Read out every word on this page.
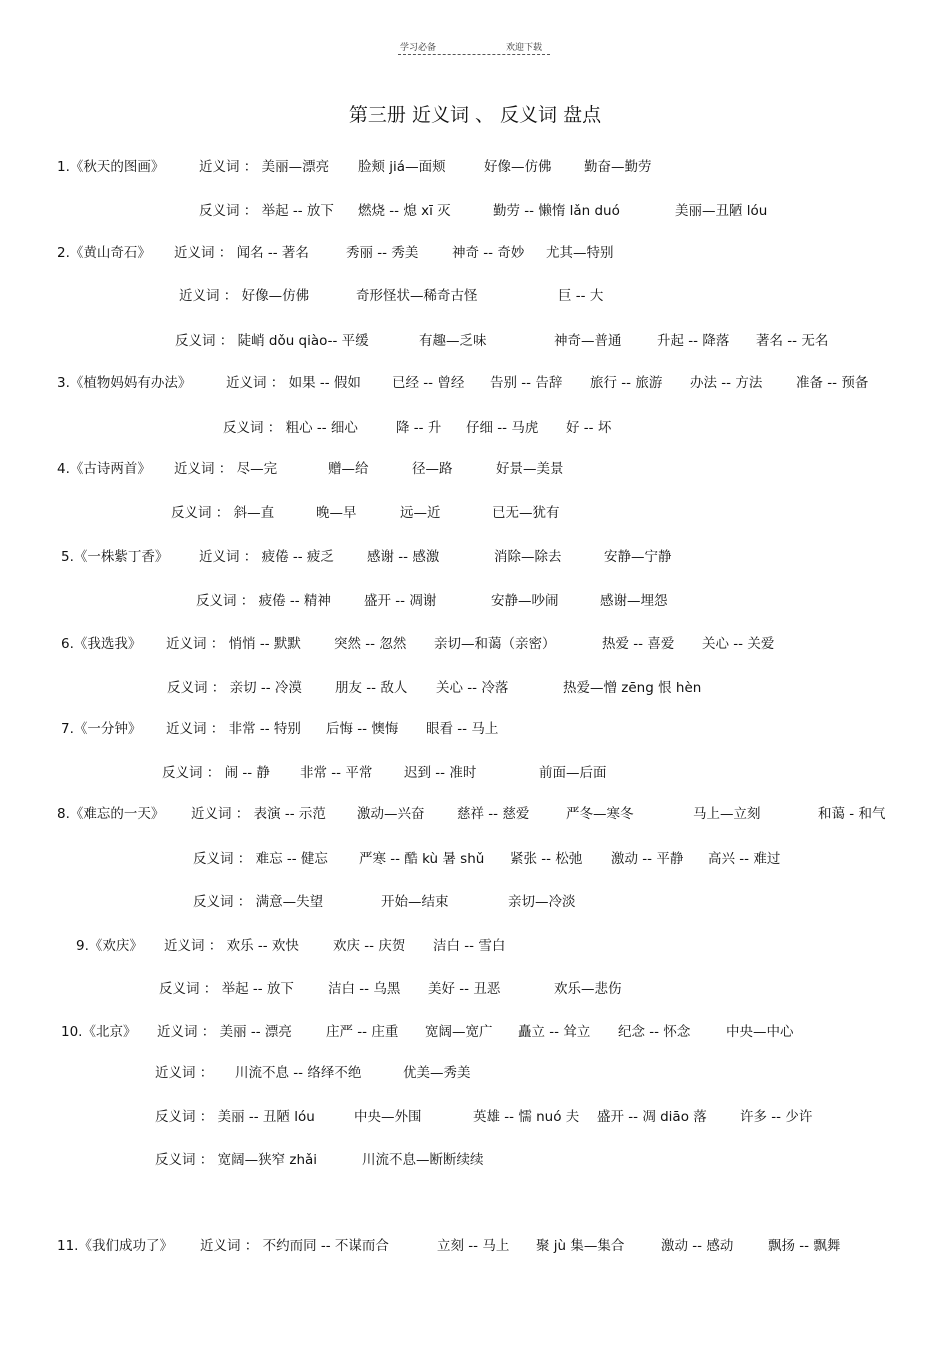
学习必备	欢迎下载
第三册 近义词 、 反义词 盘点
1.《秋天的图画》	近义词 ： 美丽—漂亮 脸颊 jiá—面颊	好像—仿佛 勤奋—勤劳
反义词 ： 举起 -- 放下 燃烧 -- 熄 xī 灭	勤劳 -- 懒惰 lǎn duó	美丽—丑陋 lóu
2.《黄山奇石》 近义词 ： 闻名 -- 著名	秀丽 -- 秀美 神奇 -- 奇妙 尤其—特别
近义词 ： 好像—仿佛	奇形怪状—稀奇古怪	巨 -- 大
反义词 ： 陡峭 dǒu qiào-- 平缓	有趣—乏味	神奇—普通	升起 -- 降落 著名 -- 无名
3.《植物妈妈有办法》	近义词 ： 如果 -- 假如 已经 -- 曾经 告别 -- 告辞 旅行 -- 旅游 办法 -- 方法 准备 -- 预备
反义词 ： 粗心 -- 细心	降 -- 升 仔细 -- 马虎 好 -- 坏
4.《古诗两首》 近义词 ： 尽—完	赠—给	径—路	好景—美景
反义词 ： 斜—直	晚—早	远—近	已无—犹有
5.《一株紫丁香》 近义词 ： 疲倦 -- 疲乏 感谢 -- 感激	消除—除去	安静—宁静
反义词 ： 疲倦 -- 精神 盛开 -- 凋谢	安静—吵闹	感谢—埋怨
6.《我选我》 近义词 ： 悄悄 -- 默默 突然 -- 忽然 亲切—和蔼（亲密）	热爱 -- 喜爱 关心 -- 关爱
反义词 ： 亲切 -- 冷漠 朋友 -- 敌人 关心 -- 冷落	热爱—憎 zēng 恨 hèn
7.《一分钟》 近义词 ： 非常 -- 特别 后悔 -- 懊悔 眼看 -- 马上
反义词 ： 闹 -- 静 非常 -- 平常 迟到 -- 准时	前面—后面
8.《难忘的一天》 近义词 ： 表演 -- 示范 激动—兴奋 慈祥 -- 慈爱	严冬—寒冬	马上—立刻	和蔼 - 和气
反义词 ： 难忘 -- 健忘 严寒 -- 酷 kù 暑 shǔ 紧张 -- 松弛 激动 -- 平静 高兴 -- 难过
反义词 ： 满意—失望	开始—结束	亲切—冷淡
9.《欢庆》 近义词 ： 欢乐 -- 欢快	欢庆 -- 庆贺 洁白 -- 雪白
反义词 ： 举起 -- 放下	洁白 -- 乌黑 美好 -- 丑恶	欢乐—悲伤
10.《北京》 近义词 ： 美丽 -- 漂亮	庄严 -- 庄重 宽阔—宽广 矗立 -- 耸立 纪念 -- 怀念	中央—中心
近义词 ： 川流不息 -- 络绎不绝	优美—秀美
反义词 ： 美丽 -- 丑陋 lóu	中央—外围	英雄 -- 懦 nuó 夫 盛开 -- 凋 diāo 落 许多 -- 少许
反义词 ： 宽阔—狭窄 zhǎi	川流不息—断断续续
11.《我们成功了》 近义词 ： 不约而同 -- 不谋而合	立刻 -- 马上 聚 jù 集—集合	激动 -- 感动	飘扬 -- 飘舞
